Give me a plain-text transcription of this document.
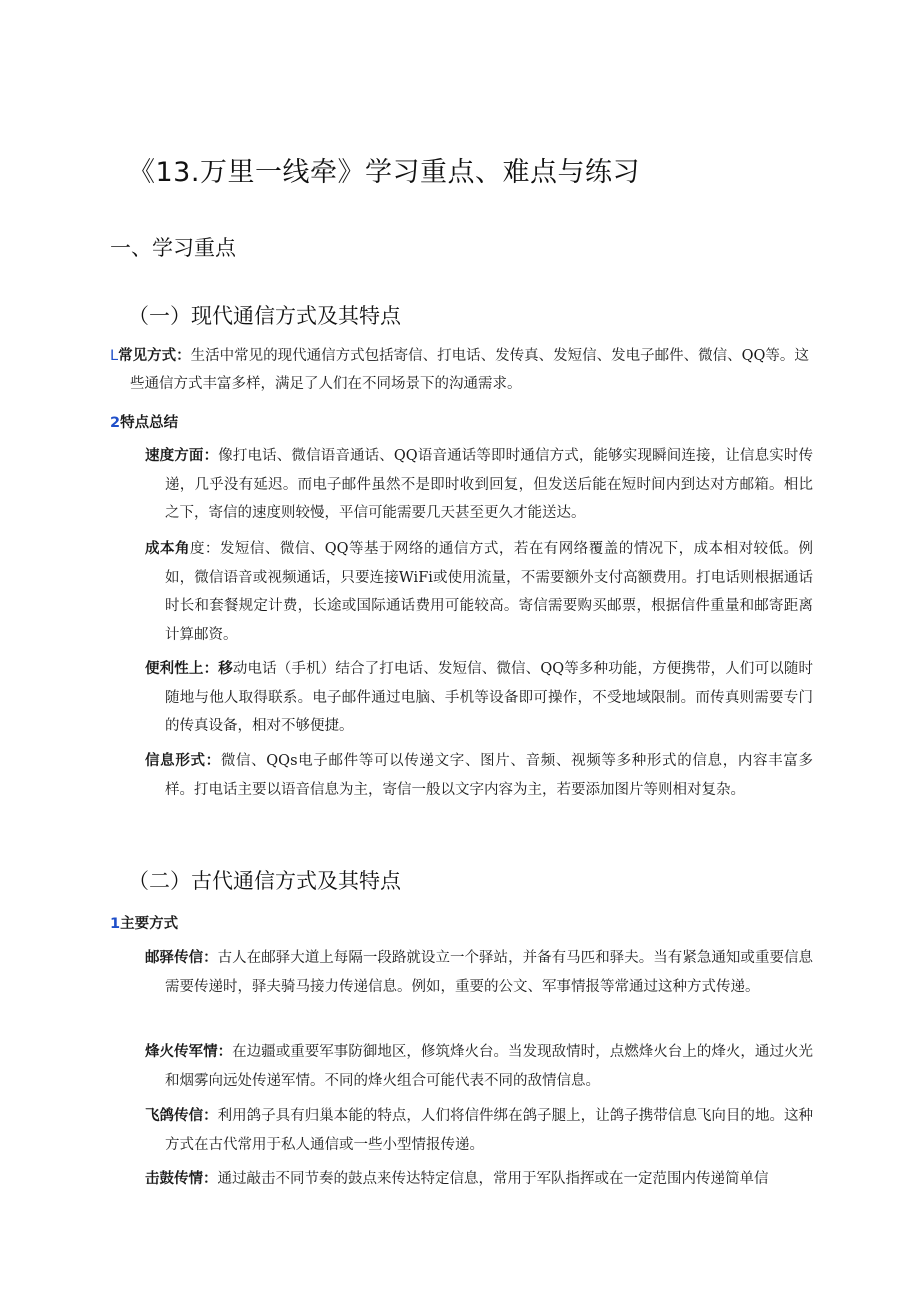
《13.万里一线牵》学习重点、难点与练习
一、学习重点
（一）现代通信方式及其特点

L常见方式：生活中常见的现代通信方式包括寄信、打电话、发传真、发短信、发电子邮件、微信、QQ等。这些通信方式丰富多样，满足了人们在不同场景下的沟通需求。

2特点总结

速度方面：像打电话、微信语音通话、QQ语音通话等即时通信方式，能够实现瞬间连接，让信息实时传递，几乎没有延迟。而电子邮件虽然不是即时收到回复，但发送后能在短时间内到达对方邮箱。相比之下，寄信的速度则较慢，平信可能需要几天甚至更久才能送达。

成本角度：发短信、微信、QQ等基于网络的通信方式，若在有网络覆盖的情况下，成本相对较低。例如，微信语音或视频通话，只要连接WiFi或使用流量，不需要额外支付高额费用。打电话则根据通话时长和套餐规定计费，长途或国际通话费用可能较高。寄信需要购买邮票，根据信件重量和邮寄距离计算邮资。

便利性上：移动电话（手机）结合了打电话、发短信、微信、QQ等多种功能，方便携带，人们可以随时随地与他人取得联系。电子邮件通过电脑、手机等设备即可操作，不受地域限制。而传真则需要专门的传真设备，相对不够便捷。

信息形式：微信、QQs电子邮件等可以传递文字、图片、音频、视频等多种形式的信息，内容丰富多样。打电话主要以语音信息为主，寄信一般以文字内容为主，若要添加图片等则相对复杂。

（二）古代通信方式及其特点

1主要方式

邮驿传信：古人在邮驿大道上每隔一段路就设立一个驿站，并备有马匹和驿夫。当有紧急通知或重要信息需要传递时，驿夫骑马接力传递信息。例如，重要的公文、军事情报等常通过这种方式传递。

烽火传军情：在边疆或重要军事防御地区，修筑烽火台。当发现敌情时，点燃烽火台上的烽火，通过火光和烟雾向远处传递军情。不同的烽火组合可能代表不同的敌情信息。

飞鸽传信：利用鸽子具有归巢本能的特点，人们将信件绑在鸽子腿上，让鸽子携带信息飞向目的地。这种方式在古代常用于私人通信或一些小型情报传递。

击鼓传情：通过敲击不同节奏的鼓点来传达特定信息，常用于军队指挥或在一定范围内传递简单信
